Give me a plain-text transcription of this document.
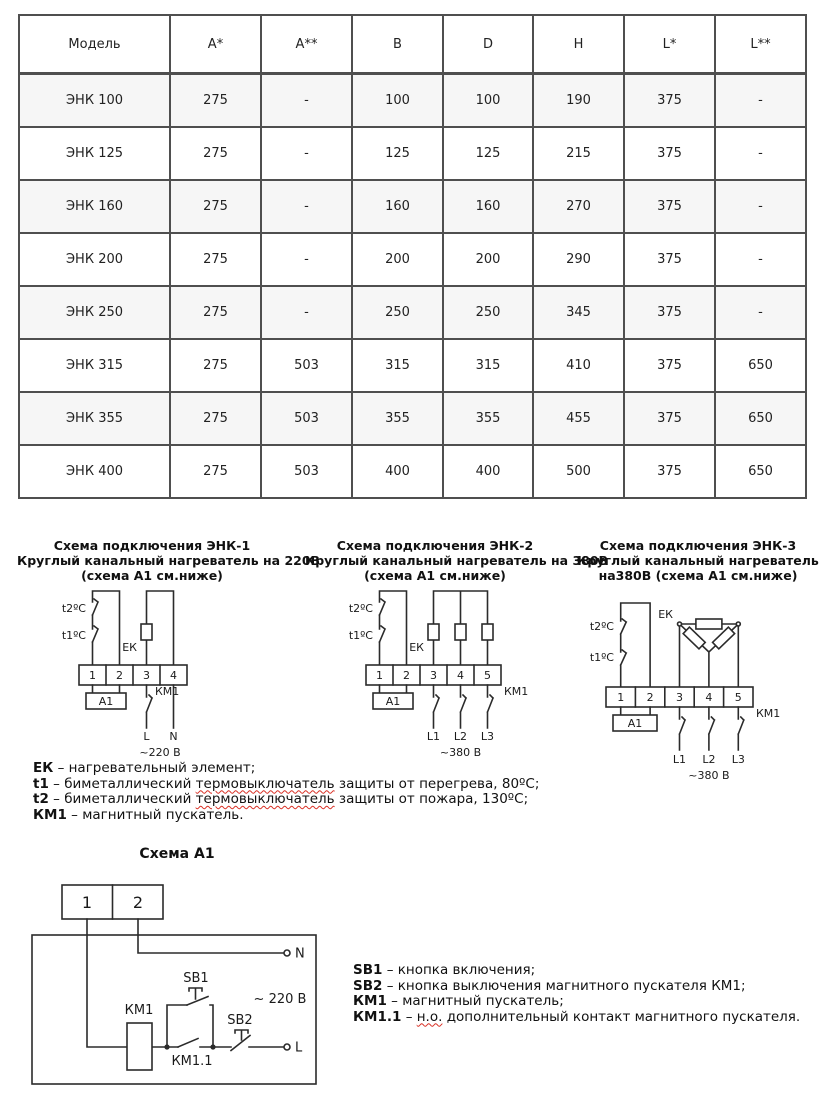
Модель	A*	A**	B	D	H	L*	L**
ЭНК 100	275	-	100	100	190	375	-
ЭНК 125	275	-	125	125	215	375	-
ЭНК 160	275	-	160	160	270	375	-
ЭНК 200	275	-	200	200	290	375	-
ЭНК 250	275	-	250	250	345	375	-
ЭНК 315	275	503	315	315	410	375	650
ЭНК 355	275	503	355	355	455	375	650
ЭНК 400	275	503	400	400	500	375	650
Схема подключения ЭНК-1
Круглый канальный нагреватель на 220В
(схема А1 см.ниже)
Схема подключения ЭНК-2
Круглый канальный нагреватель на 380В
(схема А1 см.ниже)
Схема подключения ЭНК-3
Круглый канальный нагреватель
на380В (схема А1 см.ниже)
t2ºC
t1ºC
ЕК
1 2 3 4
А1
КМ1
L N
~220 В
t2ºC
t1ºC
ЕК
1 2 3 4 5
А1
КМ1
L1 L2 L3
~380 В
t2ºC
t1ºC
ЕК
1 2 3 4 5
А1
КМ1
L1 L2 L3
~380 В
ЕК – нагревательный элемент;
t1 – биметаллический термовыключатель защиты от перегрева, 80ºС;
t2 – биметаллический термовыключатель защиты от пожара, 130ºС;
КМ1 – магнитный пускатель.
Схема А1
1	2
N
L
КМ1
SB1
SB2
КМ1.1
~ 220 В
SB1 – кнопка включения;
SB2 – кнопка выключения магнитного пускателя КМ1;
КМ1 – магнитный пускатель;
КМ1.1 – н.о. дополнительный контакт магнитного пускателя.
